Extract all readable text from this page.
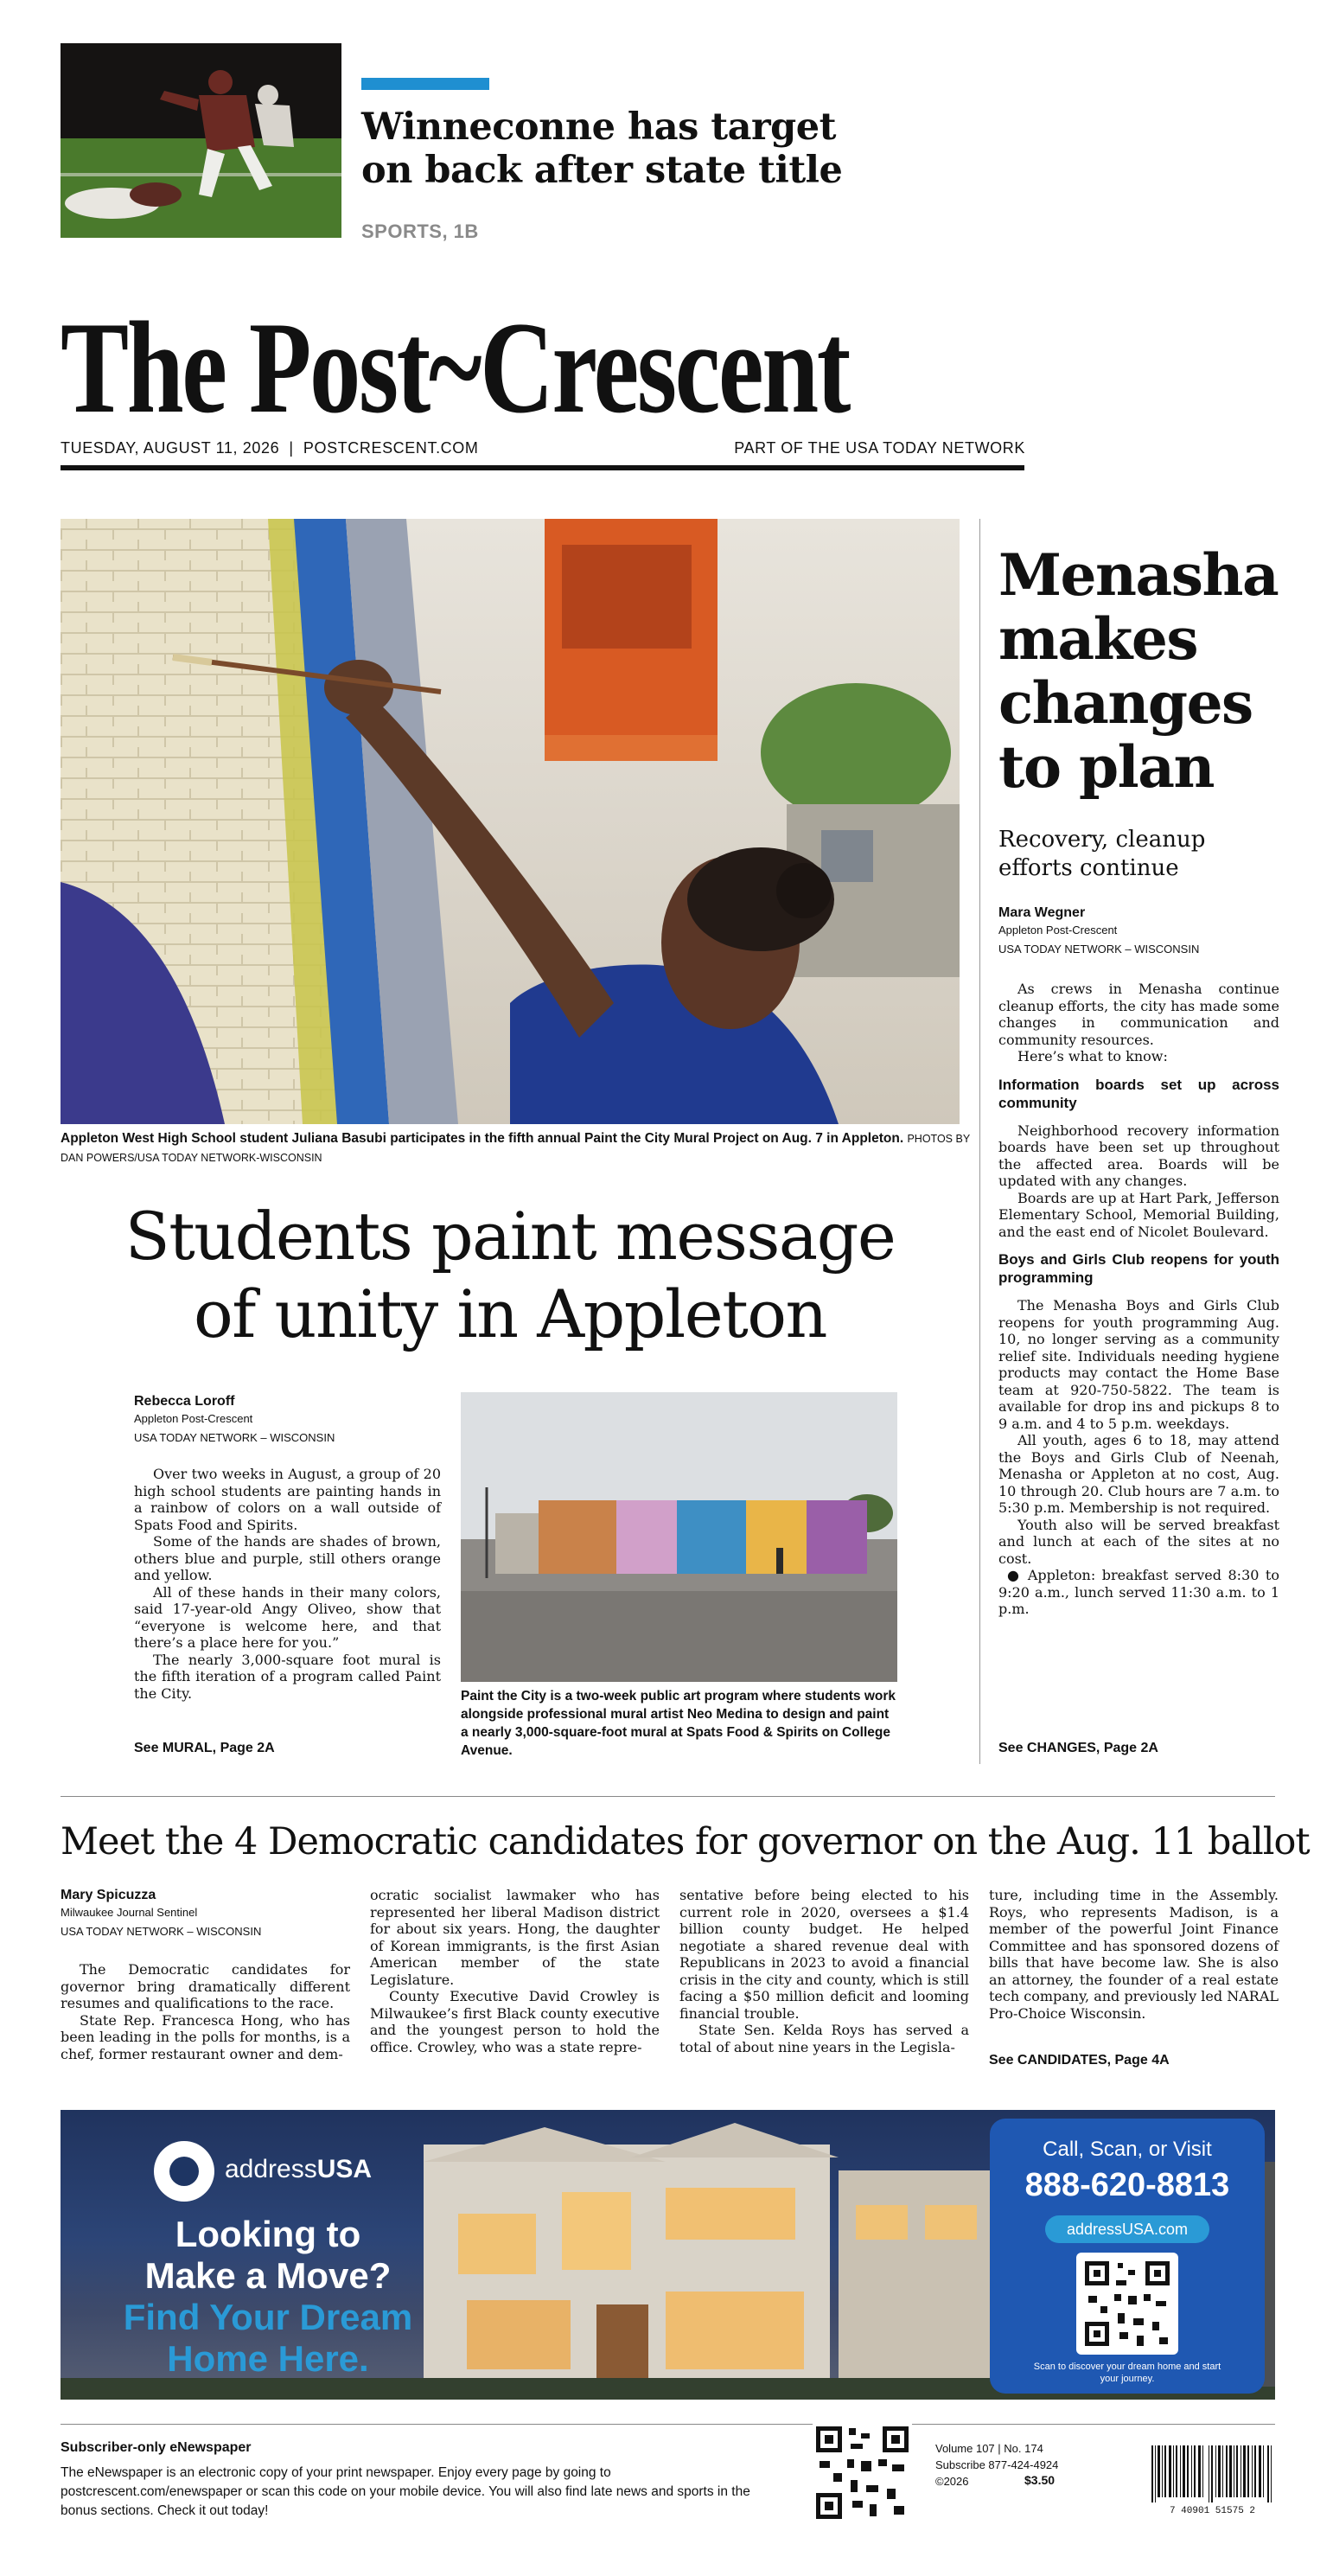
Winneconne has target on back after state title
SPORTS, 1B
The Post~Crescent
TUESDAY, AUGUST 11, 2026  |  POSTCRESCENT.COM	PART OF THE USA TODAY NETWORK
Appleton West High School student Juliana Basubi participates in the fifth annual Paint the City Mural Project on Aug. 7 in Appleton. PHOTOS BY DAN POWERS/USA TODAY NETWORK-WISCONSIN
Students paint message
of unity in Appleton
Rebecca Loroff
Appleton Post-Crescent
USA TODAY NETWORK – WISCONSIN

Over two weeks in August, a group of 20 high school students are painting hands in a rainbow of colors on a wall outside of Spats Food and Spirits.

Some of the hands are shades of brown, others blue and purple, still others orange and yellow.

All of these hands in their many colors, said 17-year-old Angy Oliveo, show that “everyone is welcome here, and that there’s a place here for you.”

The nearly 3,000-square foot mural is the fifth iteration of a program called Paint the City.

See MURAL, Page 2A
Paint the City is a two-week public art program where students work alongside professional mural artist Neo Medina to design and paint a nearly 3,000-square-foot mural at Spats Food & Spirits on College Avenue.
Menasha makes changes to plan
Recovery, cleanup efforts continue
Mara Wegner
Appleton Post-Crescent
USA TODAY NETWORK – WISCONSIN

As crews in Menasha continue cleanup efforts, the city has made some changes in communication and community resources.

Here’s what to know:

Information boards set up across community

Neighborhood recovery information boards have been set up throughout the affected area. Boards will be updated with any changes.

Boards are up at Hart Park, Jefferson Elementary School, Memorial Building, and the east end of Nicolet Boulevard.

Boys and Girls Club reopens for youth programming

The Menasha Boys and Girls Club reopens for youth programming Aug. 10, no longer serving as a community relief site. Individuals needing hygiene products may contact the Home Base team at 920-750-5822. The team is available for drop ins and pickups 8 to 9 a.m. and 4 to 5 p.m. weekdays.

All youth, ages 6 to 18, may attend the Boys and Girls Club of Neenah, Menasha or Appleton at no cost, Aug. 10 through 20. Club hours are 7 a.m. to 5:30 p.m. Membership is not required.

Youth also will be served breakfast and lunch at each of the sites at no cost.

● Appleton: breakfast served 8:30 to 9:20 a.m., lunch served 11:30 a.m. to 1 p.m.

See CHANGES, Page 2A
Meet the 4 Democratic candidates for governor on the Aug. 11 ballot
Mary Spicuzza
Milwaukee Journal Sentinel
USA TODAY NETWORK – WISCONSIN

The Democratic candidates for governor bring dramatically different resumes and qualifications to the race.

State Rep. Francesca Hong, who has been leading in the polls for months, is a chef, former restaurant owner and dem-

ocratic socialist lawmaker who has represented her liberal Madison district for about six years. Hong, the daughter of Korean immigrants, is the first Asian American member of the state Legislature.

County Executive David Crowley is Milwaukee’s first Black county executive and the youngest person to hold the office. Crowley, who was a state repre-

sentative before being elected to his current role in 2020, oversees a $1.4 billion county budget. He helped negotiate a shared revenue deal with Republicans in 2023 to avoid a financial crisis in the city and county, which is still facing a $50 million deficit and looming financial trouble.

State Sen. Kelda Roys has served a total of about nine years in the Legisla-

ture, including time in the Assembly. Roys, who represents Madison, is a member of the powerful Joint Finance Committee and has sponsored dozens of bills that have become law. She is also an attorney, the founder of a real estate tech company, and previously led NARAL Pro-Choice Wisconsin.

See CANDIDATES, Page 4A
addressUSA
Looking to
Make a Move?
Find Your Dream
Home Here.
Call, Scan, or Visit
888-620-8813
addressUSA.com
Scan to discover your dream home and start your journey.
Subscriber-only eNewspaper
The eNewspaper is an electronic copy of your print newspaper. Enjoy every page by going to postcrescent.com/enewspaper or scan this code on your mobile device. You will also find late news and sports in the bonus sections. Check it out today!
Volume 107 | No. 174
Subscribe 877-424-4924
©2026	$3.50
7 40901 51575 2
